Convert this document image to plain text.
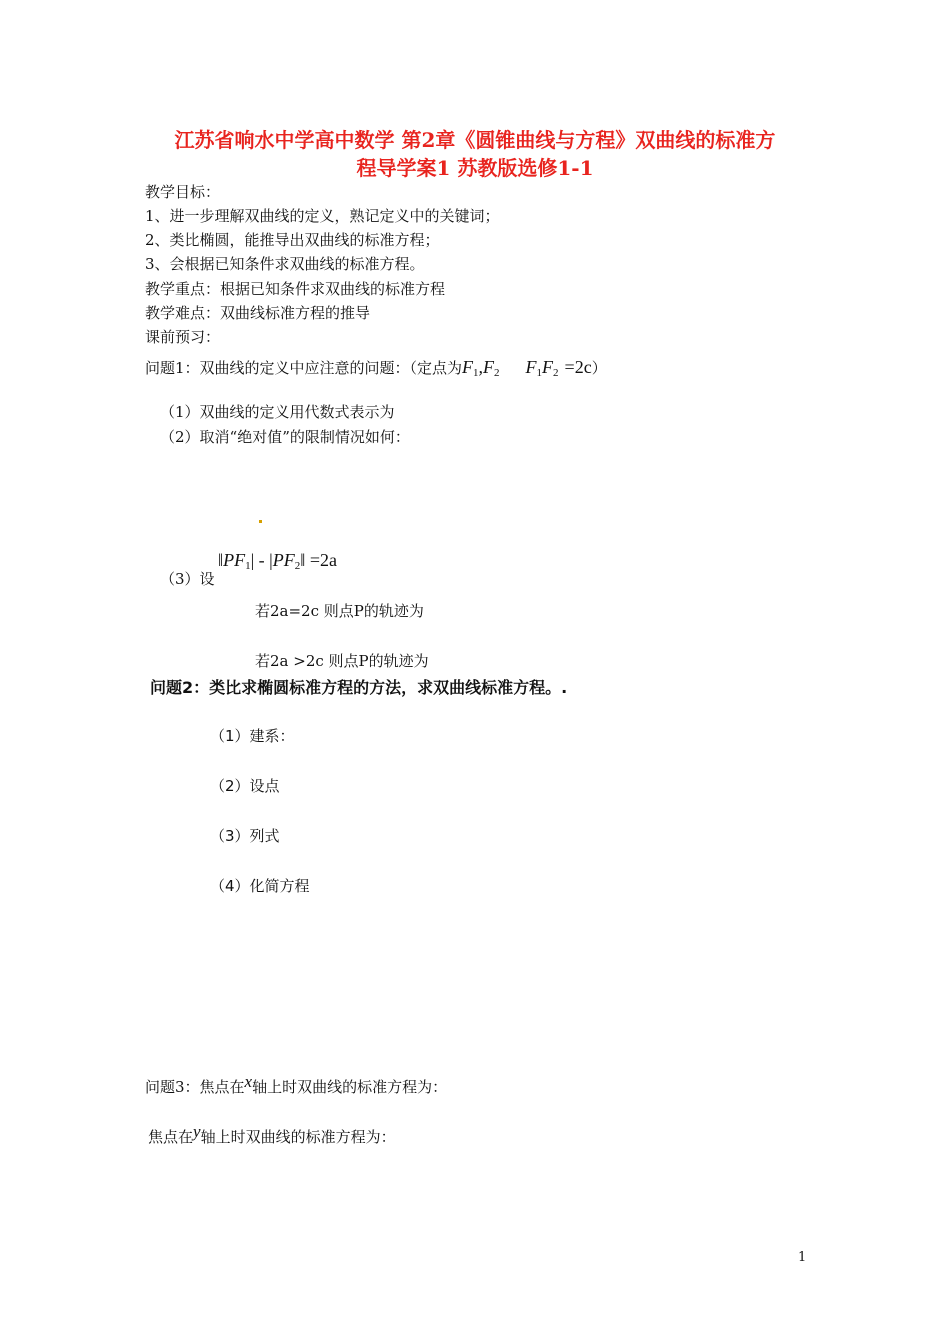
江苏省响水中学高中数学 第2章《圆锥曲线与方程》双曲线的标准方
程导学案1 苏教版选修1-1
教学目标：
1、进一步理解双曲线的定义，熟记定义中的关键词；
2、类比椭圆，能推导出双曲线的标准方程；
3、会根据已知条件求双曲线的标准方程。
教学重点：根据已知条件求双曲线的标准方程
教学难点：双曲线标准方程的推导
课前预习：
问题1：双曲线的定义中应注意的问题：（定点为F1,F2 F1F2 =2c）
（1）双曲线的定义用代数式表示为
（2）取消“绝对值”的限制情况如何：
（3）设
‖PF1| - |PF2‖ =2a
若2a=2c 则点P的轨迹为
若2a >2c 则点P的轨迹为
问题2：类比求椭圆标准方程的方法，求双曲线标准方程。.
（1）建系：
（2）设点
（3）列式
（4）化简方程
问题3：焦点在x轴上时双曲线的标准方程为：
焦点在y轴上时双曲线的标准方程为：
1
